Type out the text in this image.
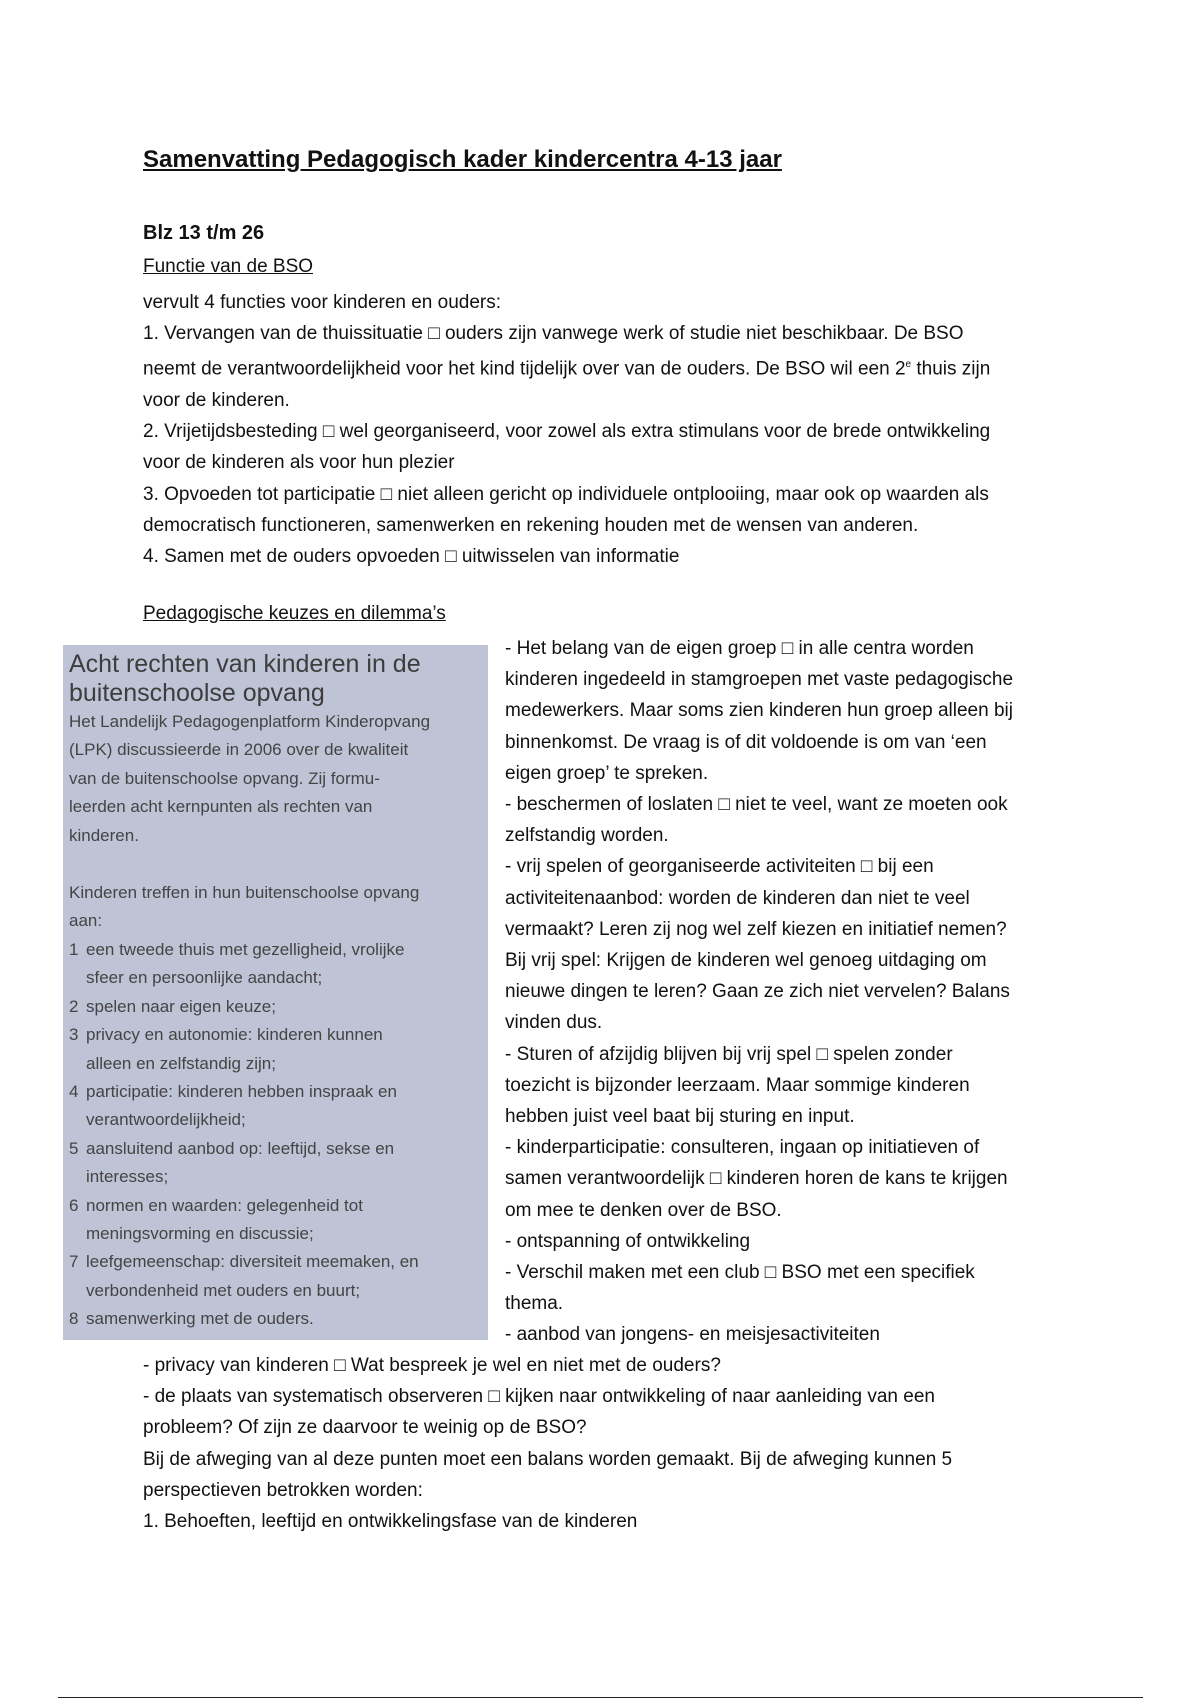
Samenvatting Pedagogisch kader kindercentra 4-13 jaar
Blz 13 t/m 26
Functie van de BSO

vervult 4 functies voor kinderen en ouders:

1. Vervangen van de thuissituatie □ ouders zijn vanwege werk of studie niet beschikbaar. De BSO

neemt de verantwoordelijkheid voor het kind tijdelijk over van de ouders. De BSO wil een 2e thuis zijn

voor de kinderen.

2. Vrijetijdsbesteding □ wel georganiseerd, voor zowel als extra stimulans voor de brede ontwikkeling

voor de kinderen als voor hun plezier

3. Opvoeden tot participatie □ niet alleen gericht op individuele ontplooiing, maar ook op waarden als

democratisch functioneren, samenwerken en rekening houden met de wensen van anderen.

4. Samen met de ouders opvoeden □ uitwisselen van informatie

Pedagogische keuzes en dilemma’s

Acht rechten van kinderen in de

buitenschoolse opvang

Het Landelijk Pedagogenplatform Kinderopvang

(LPK) discussieerde in 2006 over de kwaliteit

van de buitenschoolse opvang. Zij formu-

leerden acht kernpunten als rechten van

kinderen.

Kinderen treffen in hun buitenschoolse opvang

aan:

1 een tweede thuis met gezelligheid, vrolijke
sfeer en persoonlijke aandacht;
2 spelen naar eigen keuze;
3 privacy en autonomie: kinderen kunnen
alleen en zelfstandig zijn;
4 participatie: kinderen hebben inspraak en
verantwoordelijkheid;
5 aansluitend aanbod op: leeftijd, sekse en
interesses;
6 normen en waarden: gelegenheid tot
meningsvorming en discussie;
7 leefgemeenschap: diversiteit meemaken, en
verbondenheid met ouders en buurt;
8 samenwerking met de ouders.

- Het belang van de eigen groep □ in alle centra worden

kinderen ingedeeld in stamgroepen met vaste pedagogische

medewerkers. Maar soms zien kinderen hun groep alleen bij

binnenkomst. De vraag is of dit voldoende is om van ‘een

eigen groep’ te spreken.

- beschermen of loslaten □ niet te veel, want ze moeten ook

zelfstandig worden.

- vrij spelen of georganiseerde activiteiten □ bij een

activiteitenaanbod: worden de kinderen dan niet te veel

vermaakt? Leren zij nog wel zelf kiezen en initiatief nemen?

Bij vrij spel: Krijgen de kinderen wel genoeg uitdaging om

nieuwe dingen te leren? Gaan ze zich niet vervelen? Balans

vinden dus.

- Sturen of afzijdig blijven bij vrij spel □ spelen zonder

toezicht is bijzonder leerzaam. Maar sommige kinderen

hebben juist veel baat bij sturing en input.

- kinderparticipatie: consulteren, ingaan op initiatieven of

samen verantwoordelijk □ kinderen horen de kans te krijgen

om mee te denken over de BSO.

- ontspanning of ontwikkeling

- Verschil maken met een club □ BSO met een specifiek

thema.

- aanbod van jongens- en meisjesactiviteiten

- privacy van kinderen □ Wat bespreek je wel en niet met de ouders?

- de plaats van systematisch observeren □ kijken naar ontwikkeling of naar aanleiding van een

probleem? Of zijn ze daarvoor te weinig op de BSO?

Bij de afweging van al deze punten moet een balans worden gemaakt. Bij de afweging kunnen 5

perspectieven betrokken worden:

1. Behoeften, leeftijd en ontwikkelingsfase van de kinderen
